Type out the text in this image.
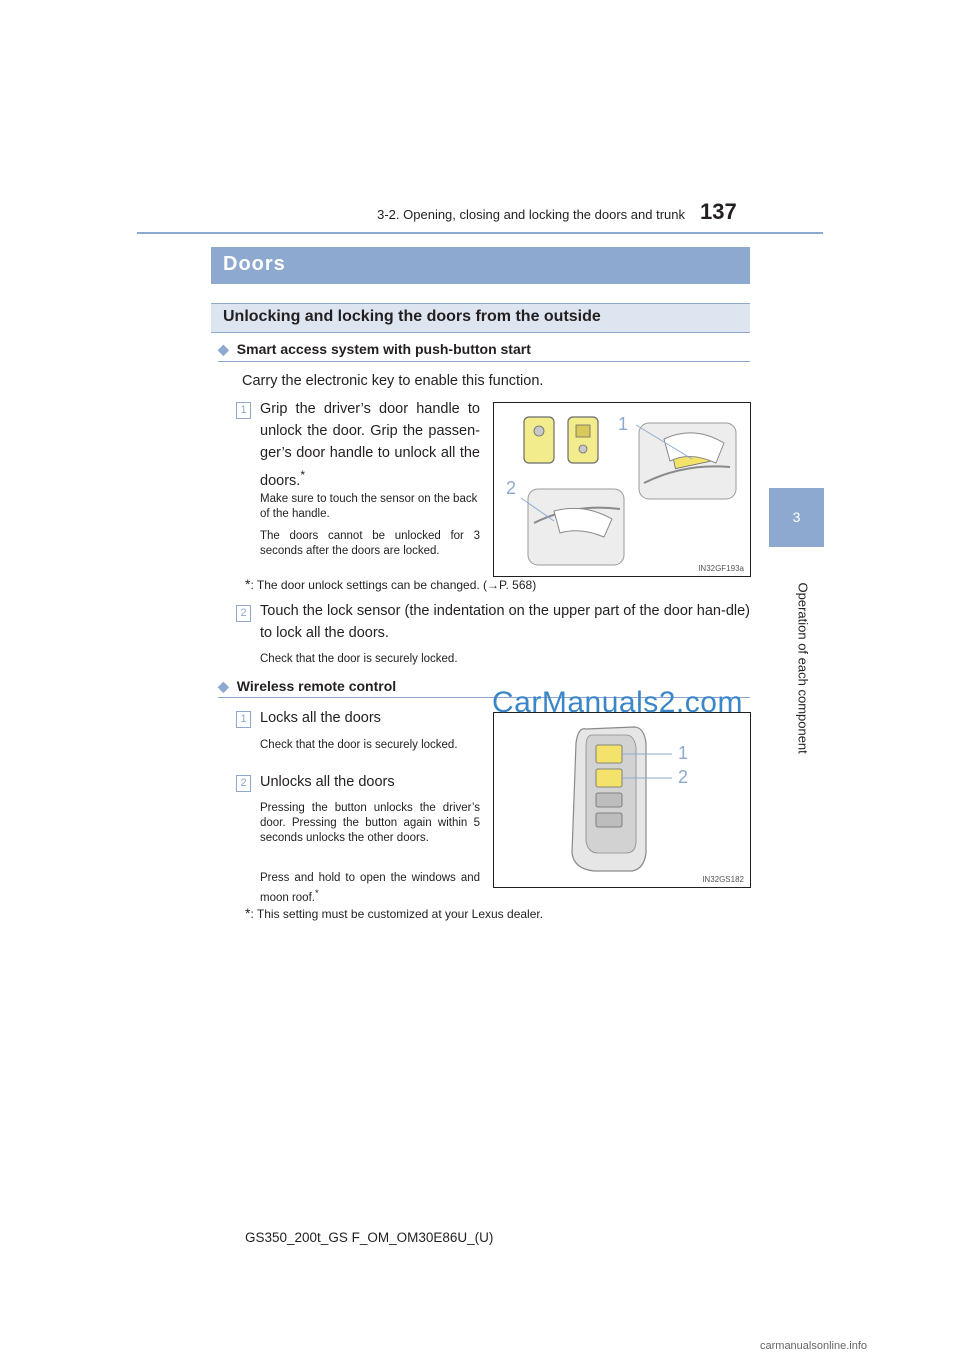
3-2. Opening, closing and locking the doors and trunk 137
3
Operation of each component
Doors
Unlocking and locking the doors from the outside
◆ Smart access system with push-button start
Carry the electronic key to enable this function.
1 Grip the driver’s door handle to unlock the door. Grip the passen-ger’s door handle to unlock all the doors.*
Make sure to touch the sensor on the back of the handle.
The doors cannot be unlocked for 3 seconds after the doors are locked.
1
2
IN32GF193a
*: The door unlock settings can be changed. (→P. 568)
2 Touch the lock sensor (the indentation on the upper part of the door han-dle) to lock all the doors.
Check that the door is securely locked.
◆ Wireless remote control
1 Locks all the doors
Check that the door is securely locked.
2 Unlocks all the doors
Pressing the button unlocks the driver’s door. Pressing the button again within 5 seconds unlocks the other doors.
Press and hold to open the windows and moon roof.*
1
2
IN32GS182
*: This setting must be customized at your Lexus dealer.
CarManuals2.com
GS350_200t_GS F_OM_OM30E86U_(U)
carmanualsonline.info
